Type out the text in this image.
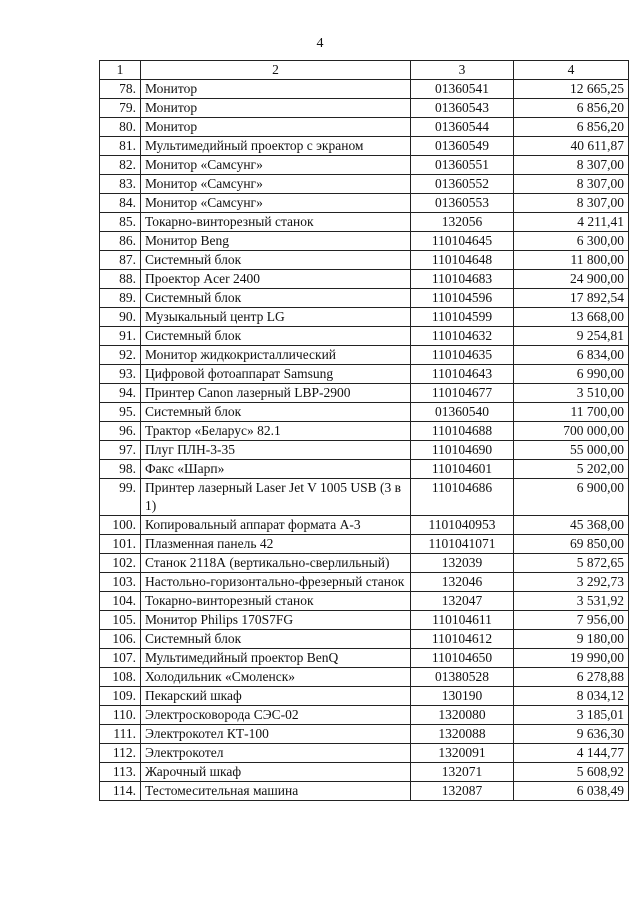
4
1	2	3	4
78.	Монитор	01360541	12 665,25
79.	Монитор	01360543	6 856,20
80.	Монитор	01360544	6 856,20
81.	Мультимедийный проектор с экраном	01360549	40 611,87
82.	Монитор «Самсунг»	01360551	8 307,00
83.	Монитор «Самсунг»	01360552	8 307,00
84.	Монитор «Самсунг»	01360553	8 307,00
85.	Токарно-винторезный станок	132056	4 211,41
86.	Монитор Beng	110104645	6 300,00
87.	Системный блок	110104648	11 800,00
88.	Проектор Acer 2400	110104683	24 900,00
89.	Системный блок	110104596	17 892,54
90.	Музыкальный центр LG	110104599	13 668,00
91.	Системный блок	110104632	9 254,81
92.	Монитор жидкокристаллический	110104635	6 834,00
93.	Цифровой фотоаппарат Samsung	110104643	6 990,00
94.	Принтер Canon лазерный LBP-2900	110104677	3 510,00
95.	Системный блок	01360540	11 700,00
96.	Трактор «Беларус» 82.1	110104688	700 000,00
97.	Плуг ПЛН-3-35	110104690	55 000,00
98.	Факс «Шарп»	110104601	5 202,00
99.	Принтер лазерный Laser Jet V 1005 USB (3 в 1)	110104686	6 900,00
100.	Копировальный аппарат формата А-3	1101040953	45 368,00
101.	Плазменная панель 42	1101041071	69 850,00
102.	Станок 2118А (вертикально-сверлильный)	132039	5 872,65
103.	Настольно-горизонтально-фрезерный станок	132046	3 292,73
104.	Токарно-винторезный станок	132047	3 531,92
105.	Монитор Philips 170S7FG	110104611	7 956,00
106.	Системный блок	110104612	9 180,00
107.	Мультимедийный проектор BenQ	110104650	19 990,00
108.	Холодильник «Смоленск»	01380528	6 278,88
109.	Пекарский шкаф	130190	8 034,12
110.	Электросковорода СЭС-02	1320080	3 185,01
111.	Электрокотел КТ-100	1320088	9 636,30
112.	Электрокотел	1320091	4 144,77
113.	Жарочный шкаф	132071	5 608,92
114.	Тестомесительная машина	132087	6 038,49
